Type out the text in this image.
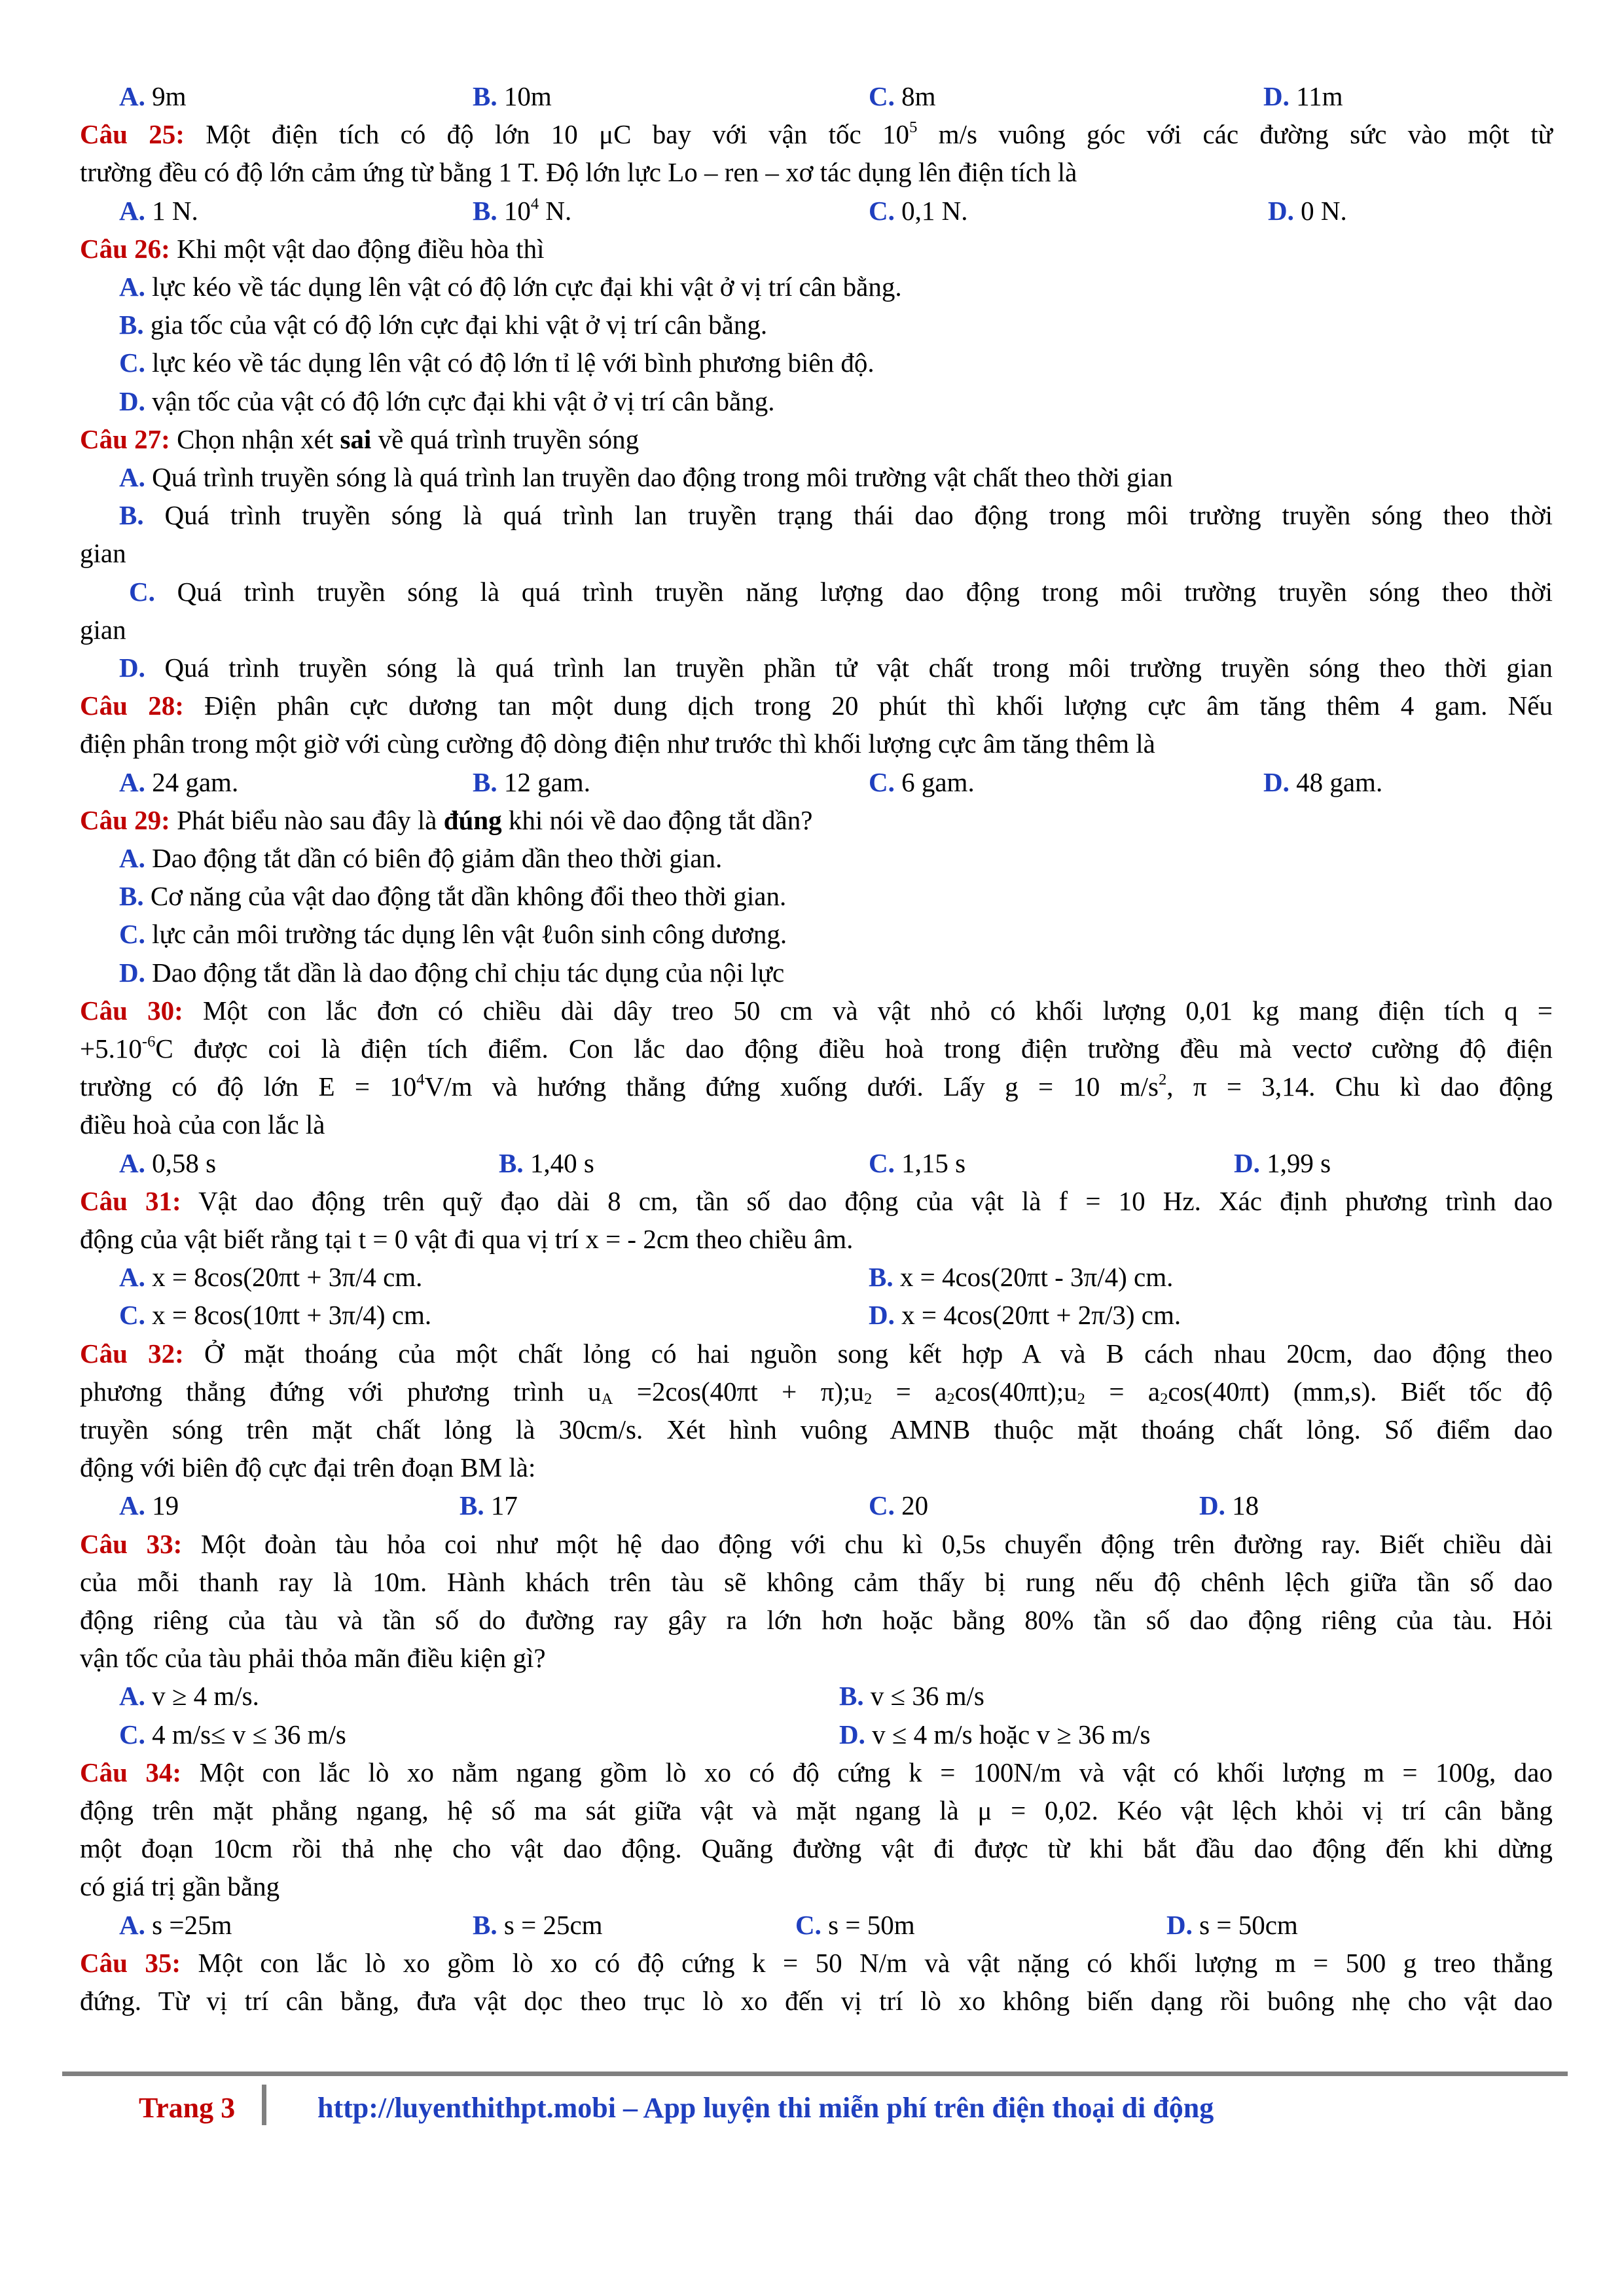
A. 9m	B. 10m	C. 8m	D. 11m
Câu 25: Một điện tích có độ lớn 10 μC bay với vận tốc $10^5$ m/s vuông góc với các đường sức vào một từ
trường đều có độ lớn cảm ứng từ bằng 1 T. Độ lớn lực Lo – ren – xơ tác dụng lên điện tích là
A. 1 N.	B. $10^4$ N.	C. 0,1 N.	D. 0 N.
Câu 26: Khi một vật dao động điều hòa thì
A. lực kéo về tác dụng lên vật có độ lớn cực đại khi vật ở vị trí cân bằng.
B. gia tốc của vật có độ lớn cực đại khi vật ở vị trí cân bằng.
C. lực kéo về tác dụng lên vật có độ lớn tỉ lệ với bình phương biên độ.
D. vận tốc của vật có độ lớn cực đại khi vật ở vị trí cân bằng.
Câu 27: Chọn nhận xét sai về quá trình truyền sóng
A. Quá trình truyền sóng là quá trình lan truyền dao động trong môi trường vật chất theo thời gian
B. Quá trình truyền sóng là quá trình lan truyền trạng thái dao động trong môi trường truyền sóng theo thời
gian
C. Quá trình truyền sóng là quá trình truyền năng lượng dao động trong môi trường truyền sóng theo thời
gian
D. Quá trình truyền sóng là quá trình lan truyền phần tử vật chất trong môi trường truyền sóng theo thời gian
Câu 28: Điện phân cực dương tan một dung dịch trong 20 phút thì khối lượng cực âm tăng thêm 4 gam. Nếu
điện phân trong một giờ với cùng cường độ dòng điện như trước thì khối lượng cực âm tăng thêm là
A. 24 gam.	B. 12 gam.	C. 6 gam.	D. 48 gam.
Câu 29: Phát biểu nào sau đây là đúng khi nói về dao động tắt dần?
A. Dao động tắt dần có biên độ giảm dần theo thời gian.
B. Cơ năng của vật dao động tắt dần không đổi theo thời gian.
C. lực cản môi trường tác dụng lên vật ℓuôn sinh công dương.
D. Dao động tắt dần là dao động chỉ chịu tác dụng của nội lực
Câu 30: Một con lắc đơn có chiều dài dây treo 50 cm và vật nhỏ có khối lượng 0,01 kg mang điện tích q =
$+5.10^{-6}C$ được coi là điện tích điểm. Con lắc dao động điều hoà trong điện trường đều mà vectơ cường độ điện
trường có độ lớn $E = 10^4V/m$ và hướng thẳng đứng xuống dưới. Lấy g = 10 $m/s^2$, π = 3,14. Chu kì dao động
điều hoà của con lắc là
A. 0,58 s	B. 1,40 s	C. 1,15 s	D. 1,99 s
Câu 31: Vật dao động trên quỹ đạo dài 8 cm, tần số dao động của vật là f = 10 Hz. Xác định phương trình dao
động của vật biết rằng tại t = 0 vật đi qua vị trí x = - 2cm theo chiều âm.
A. x = 8cos(20πt + 3π/4 cm.	B. x = 4cos(20πt - 3π/4) cm.
C. x = 8cos(10πt + 3π/4) cm.	D. x = 4cos(20πt + 2π/3) cm.
Câu 32: Ở mặt thoáng của một chất lỏng có hai nguồn song kết hợp A và B cách nhau 20cm, dao động theo
phương thẳng đứng với phương trình $u_A =2\cos(40\pi t$ + $\pi);u_2$ = $a_2\cos(40\pi t);u_2 = a_2\cos(40\pi t)$ (mm,s). Biết tốc độ
truyền sóng trên mặt chất lỏng là 30cm/s. Xét hình vuông AMNB thuộc mặt thoáng chất lỏng. Số điểm dao
động với biên độ cực đại trên đoạn BM là:
A. 19	B. 17	C. 20	D. 18
Câu 33: Một đoàn tàu hỏa coi như một hệ dao động với chu kì 0,5s chuyển động trên đường ray. Biết chiều dài
của mỗi thanh ray là 10m. Hành khách trên tàu sẽ không cảm thấy bị rung nếu độ chênh lệch giữa tần số dao
động riêng của tàu và tần số do đường ray gây ra lớn hơn hoặc bằng 80% tần số dao động riêng của tàu. Hỏi
vận tốc của tàu phải thỏa mãn điều kiện gì?
A. v ≥ 4 m/s.	B. v ≤ 36 m/s
C. 4 m/s≤ v ≤ 36 m/s	D. v ≤ 4 m/s hoặc v ≥ 36 m/s
Câu 34: Một con lắc lò xo nằm ngang gồm lò xo có độ cứng k = 100N/m và vật có khối lượng m = 100g, dao
động trên mặt phẳng ngang, hệ số ma sát giữa vật và mặt ngang là μ = 0,02. Kéo vật lệch khỏi vị trí cân bằng
một đoạn 10cm rồi thả nhẹ cho vật dao động. Quãng đường vật đi được từ khi bắt đầu dao động đến khi dừng
có giá trị gần bằng
A. s =25m	B. s = 25cm	C. s = 50m	D. s = 50cm
Câu 35: Một con lắc lò xo gồm lò xo có độ cứng k = 50 N/m và vật nặng có khối lượng m = 500 g treo thẳng
đứng. Từ vị trí cân bằng, đưa vật dọc theo trục lò xo đến vị trí lò xo không biến dạng rồi buông nhẹ cho vật dao
Trang 3	http://luyenthithpt.mobi – App luyện thi miễn phí trên điện thoại di động
